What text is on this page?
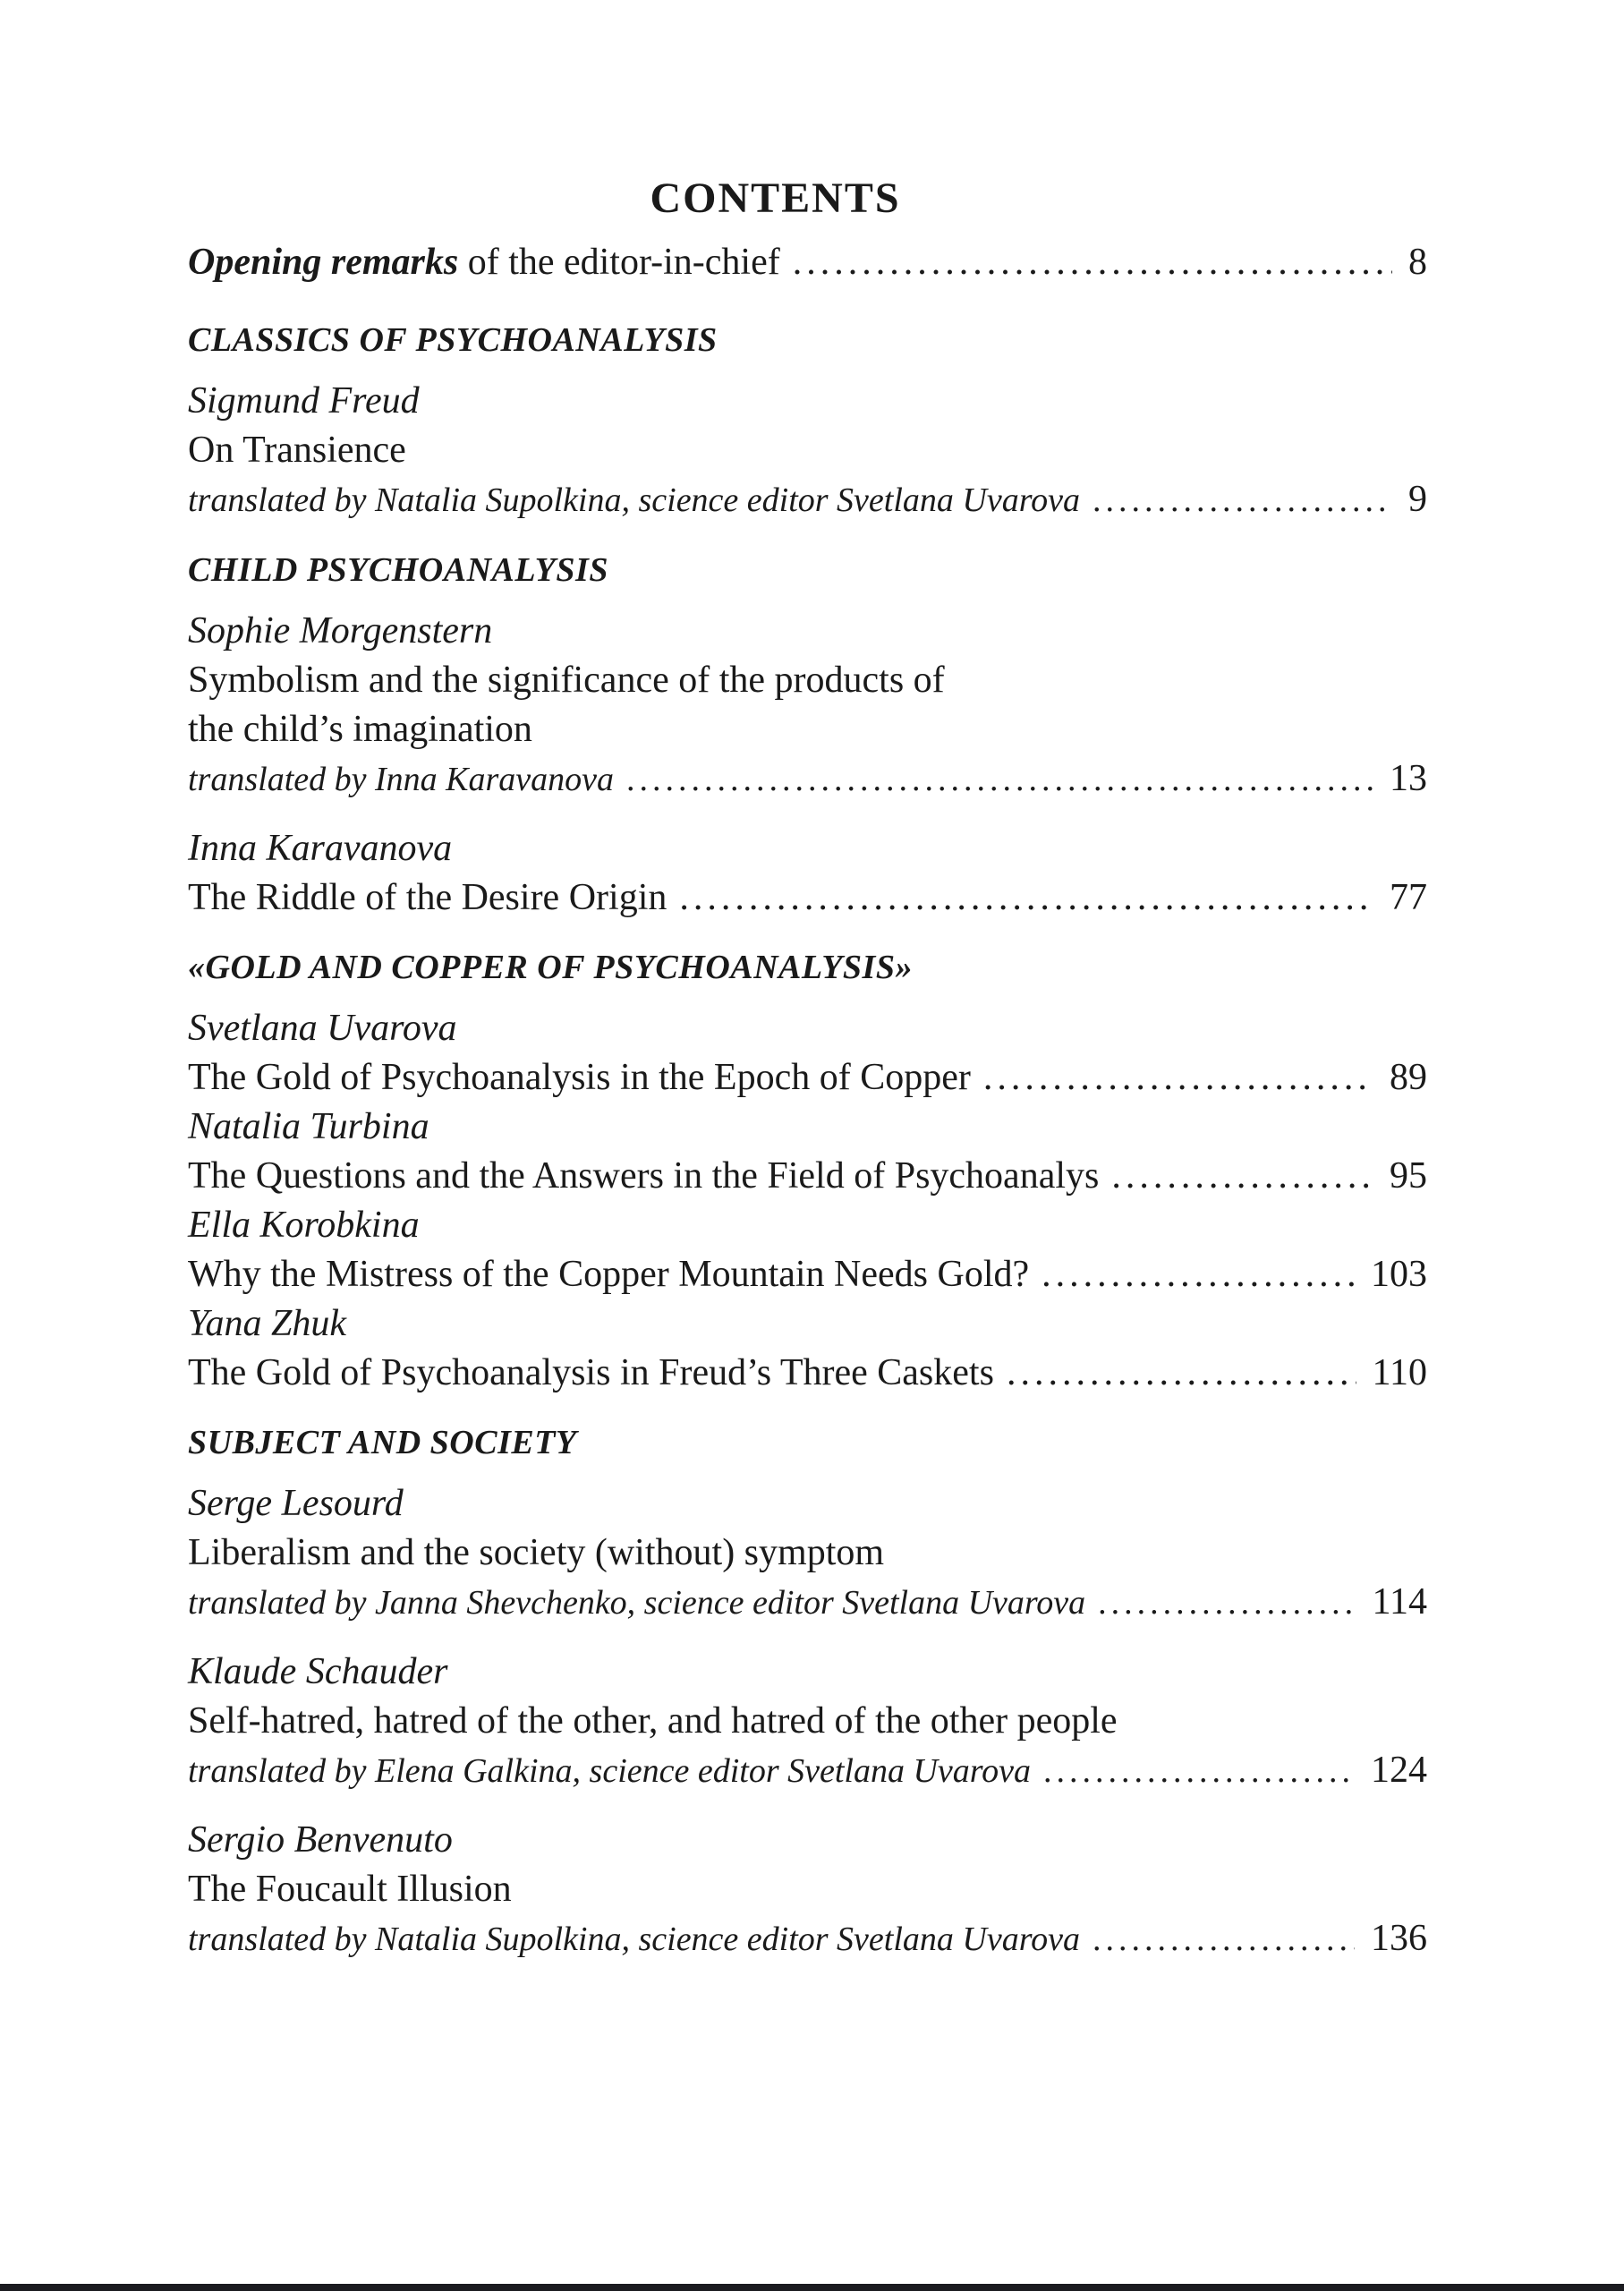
CONTENTS
Opening remarks of the editor-in-chief .....	8
CLASSICS OF PSYCHOANALYSIS
Sigmund Freud
On Transience
translated by Natalia Supolkina, science editor Svetlana Uvarova .....	9
CHILD PSYCHOANALYSIS
Sophie Morgenstern
Symbolism and the significance of the products of
the child’s imagination
translated by Inna Karavanova .....	13
Inna Karavanova
The Riddle of the Desire Origin .....	77
«GOLD AND COPPER OF PSYCHOANALYSIS»
Svetlana Uvarova
The Gold of Psychoanalysis in the Epoch of Copper .....	89
Natalia Turbina
The Questions and the Answers in the Field of Psychoanalys .....	95
Ella Korobkina
Why the Mistress of the Copper Mountain Needs Gold? .....	103
Yana Zhuk
The Gold of Psychoanalysis in Freud’s Three Caskets .....	110
SUBJECT AND SOCIETY
Serge Lesourd
Liberalism and the society (without) symptom
translated by Janna Shevchenko, science editor Svetlana Uvarova .....	114
Klaude Schauder
Self-hatred, hatred of the other, and hatred of the other people
translated by Elena Galkina, science editor Svetlana Uvarova .....	124
Sergio Benvenuto
The Foucault Illusion
translated by Natalia Supolkina, science editor Svetlana Uvarova .....	136
